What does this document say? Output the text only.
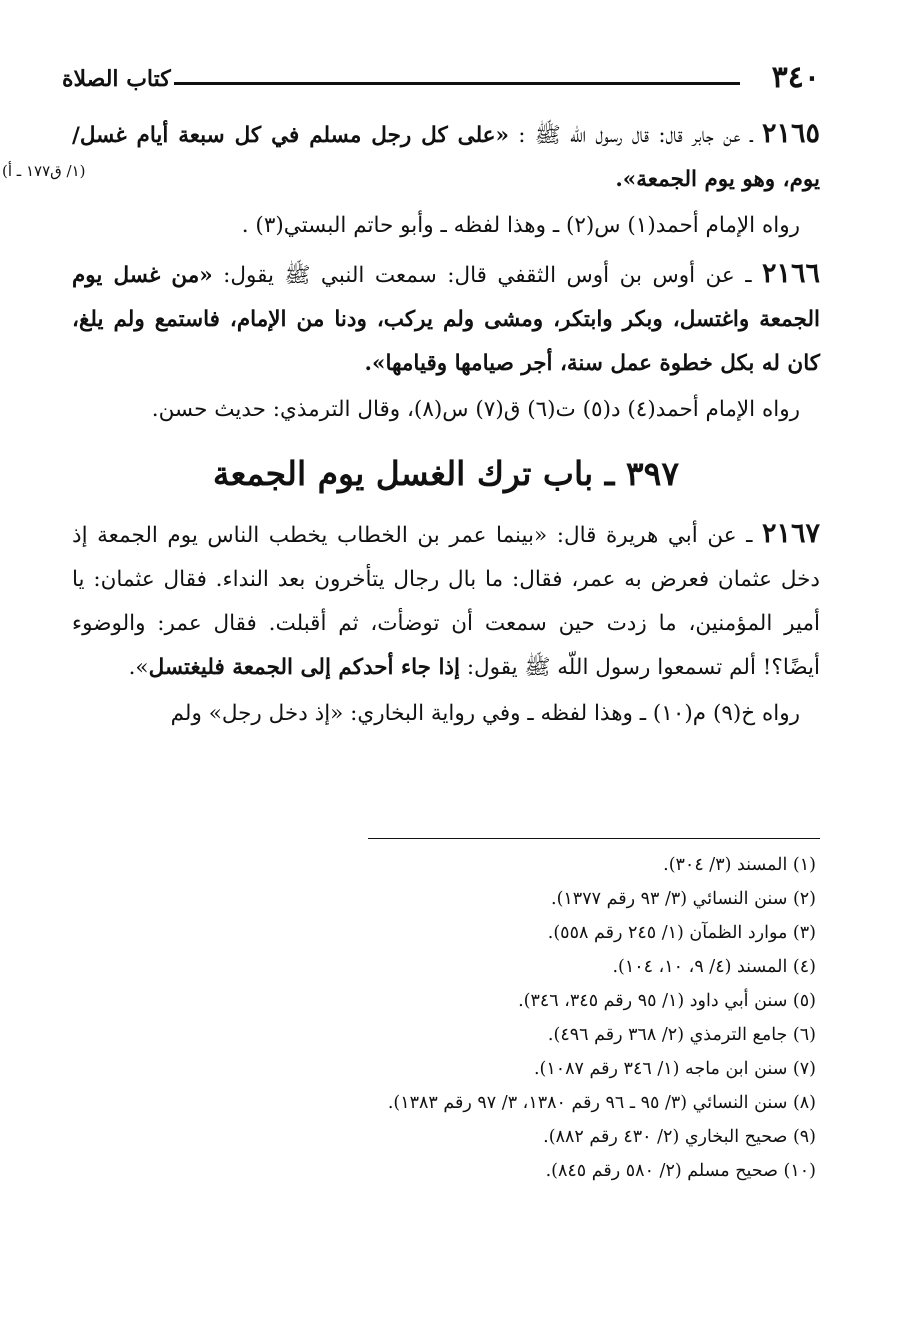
٣٤٠
كتاب الصلاة
(١/ ق١٧٧ ـ أ)

٢١٦٥ ـ عن جابر قال: قال رسول اللّه ﷺ : «على كل رجل مسلم في كل سبعة أيام غسل/ يوم، وهو يوم الجمعة».

رواه الإمام أحمد(١) س(٢) ـ وهذا لفظه ـ وأبو حاتم البستي(٣) .

٢١٦٦ ـ عن أوس بن أوس الثقفي قال: سمعت النبي ﷺ يقول: «من غسل يوم الجمعة واغتسل، وبكر وابتكر، ومشى ولم يركب، ودنا من الإمام، فاستمع ولم يلغ، كان له بكل خطوة عمل سنة، أجر صيامها وقيامها».

رواه الإمام أحمد(٤) د(٥) ت(٦) ق(٧) س(٨)، وقال الترمذي: حديث حسن.

٣٩٧ ـ باب ترك الغسل يوم الجمعة

٢١٦٧ ـ عن أبي هريرة قال: «بينما عمر بن الخطاب يخطب الناس يوم الجمعة إذ دخل عثمان فعرض به عمر، فقال: ما بال رجال يتأخرون بعد النداء. فقال عثمان: يا أمير المؤمنين، ما زدت حين سمعت أن توضأت، ثم أقبلت. فقال عمر: والوضوء أيضًا؟! ألم تسمعوا رسول اللّه ﷺ يقول: إذا جاء أحدكم إلى الجمعة فليغتسل».

رواه خ(٩) م(١٠) ـ وهذا لفظه ـ وفي رواية البخاري: «إذ دخل رجل» ولم

(١) المسند (٣/ ٣٠٤).
(٢) سنن النسائي (٣/ ٩٣ رقم ١٣٧٧).
(٣) موارد الظمآن (١/ ٢٤٥ رقم ٥٥٨).
(٤) المسند (٤/ ٩، ١٠، ١٠٤).
(٥) سنن أبي داود (١/ ٩٥ رقم ٣٤٥، ٣٤٦).
(٦) جامع الترمذي (٢/ ٣٦٨ رقم ٤٩٦).
(٧) سنن ابن ماجه (١/ ٣٤٦ رقم ١٠٨٧).
(٨) سنن النسائي (٣/ ٩٥ ـ ٩٦ رقم ١٣٨٠، ٣/ ٩٧ رقم ١٣٨٣).
(٩) صحيح البخاري (٢/ ٤٣٠ رقم ٨٨٢).
(١٠) صحيح مسلم (٢/ ٥٨٠ رقم ٨٤٥).
